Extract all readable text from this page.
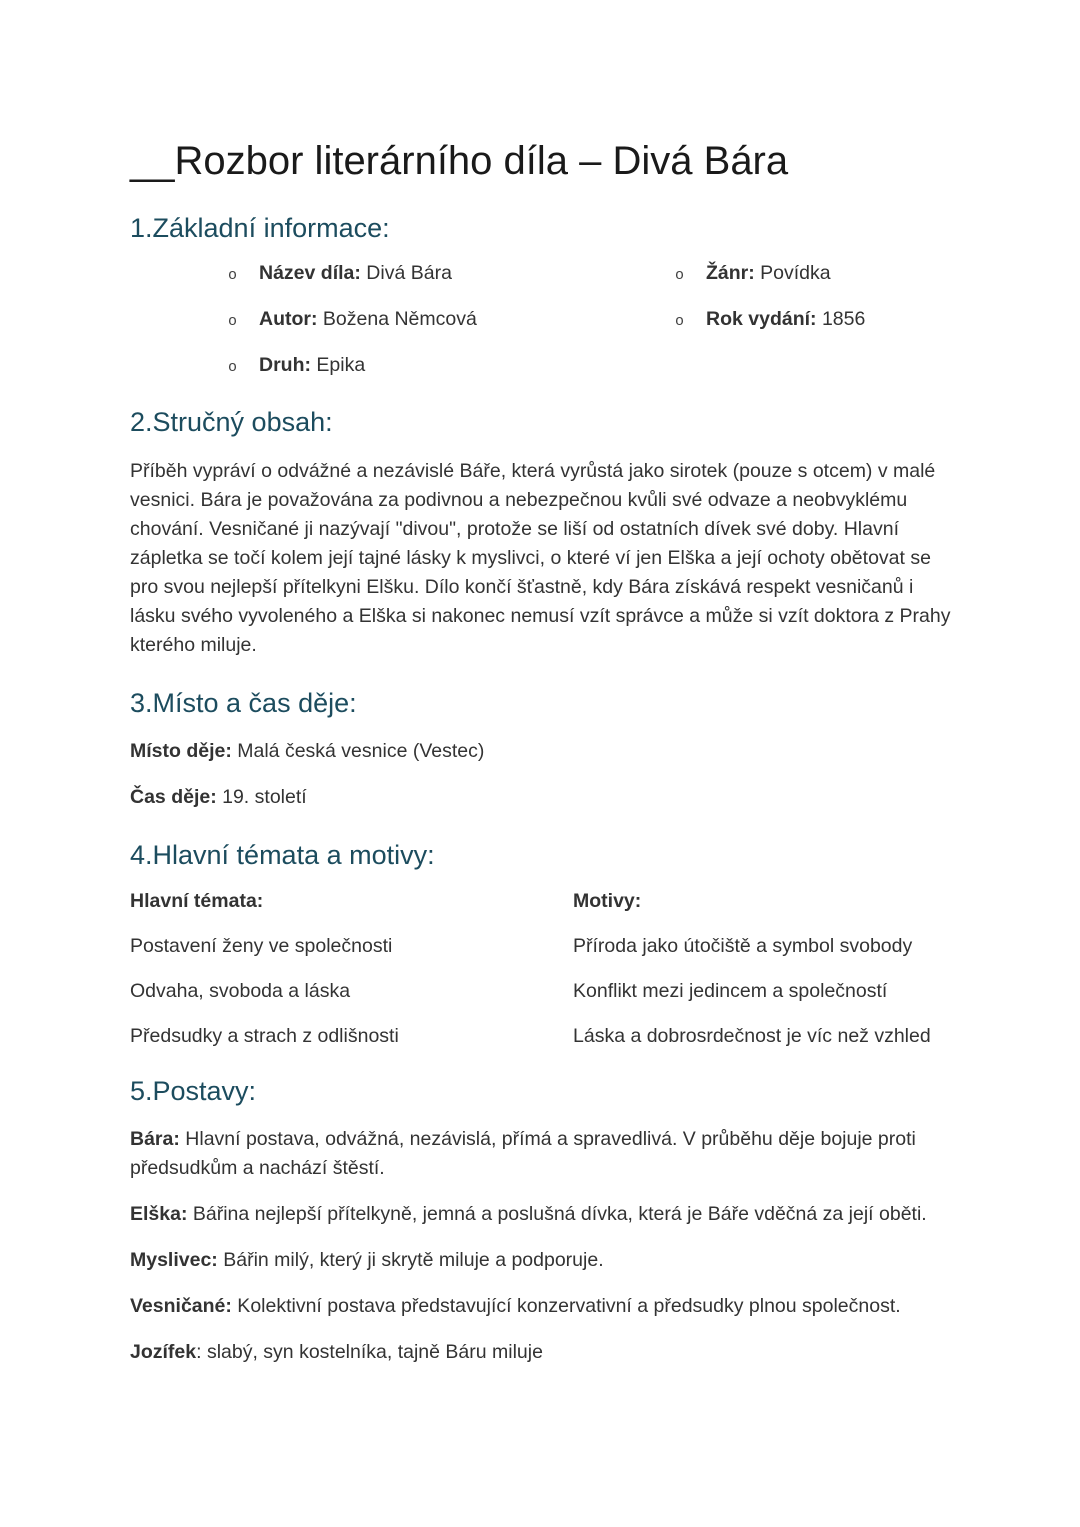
__Rozbor literárního díla – Divá Bára
1.Základní informace:
o Název díla: Divá Bára	o Žánr: Povídka
o Autor: Božena Němcová	o Rok vydání: 1856
o Druh: Epika
2.Stručný obsah:

Příběh vypráví o odvážné a nezávislé Báře, která vyrůstá jako sirotek (pouze s otcem) v malé vesnici. Bára je považována za podivnou a nebezpečnou kvůli své odvaze a neobvyklému chování. Vesničané ji nazývají "divou", protože se liší od ostatních dívek své doby. Hlavní zápletka se točí kolem její tajné lásky k myslivci, o které ví jen Elška a její ochoty obětovat se pro svou nejlepší přítelkyni Elšku. Dílo končí šťastně, kdy Bára získává respekt vesničanů i lásku svého vyvoleného a Elška si nakonec nemusí vzít správce a může si vzít doktora z Prahy kterého miluje.

3.Místo a čas děje:

Místo děje: Malá česká vesnice (Vestec)

Čas děje: 19. století

4.Hlavní témata a motivy:
Hlavní témata:	Motivy:
Postavení ženy ve společnosti	Příroda jako útočiště a symbol svobody
Odvaha, svoboda a láska	Konflikt mezi jedincem a společností
Předsudky a strach z odlišnosti	Láska a dobrosrdečnost je víc než vzhled
5.Postavy:

Bára: Hlavní postava, odvážná, nezávislá, přímá a spravedlivá. V průběhu děje bojuje proti předsudkům a nachází štěstí.

Elška: Bářina nejlepší přítelkyně, jemná a poslušná dívka, která je Báře vděčná za její oběti.

Myslivec: Bářin milý, který ji skrytě miluje a podporuje.

Vesničané: Kolektivní postava představující konzervativní a předsudky plnou společnost.

Jozífek: slabý, syn kostelníka, tajně Báru miluje
